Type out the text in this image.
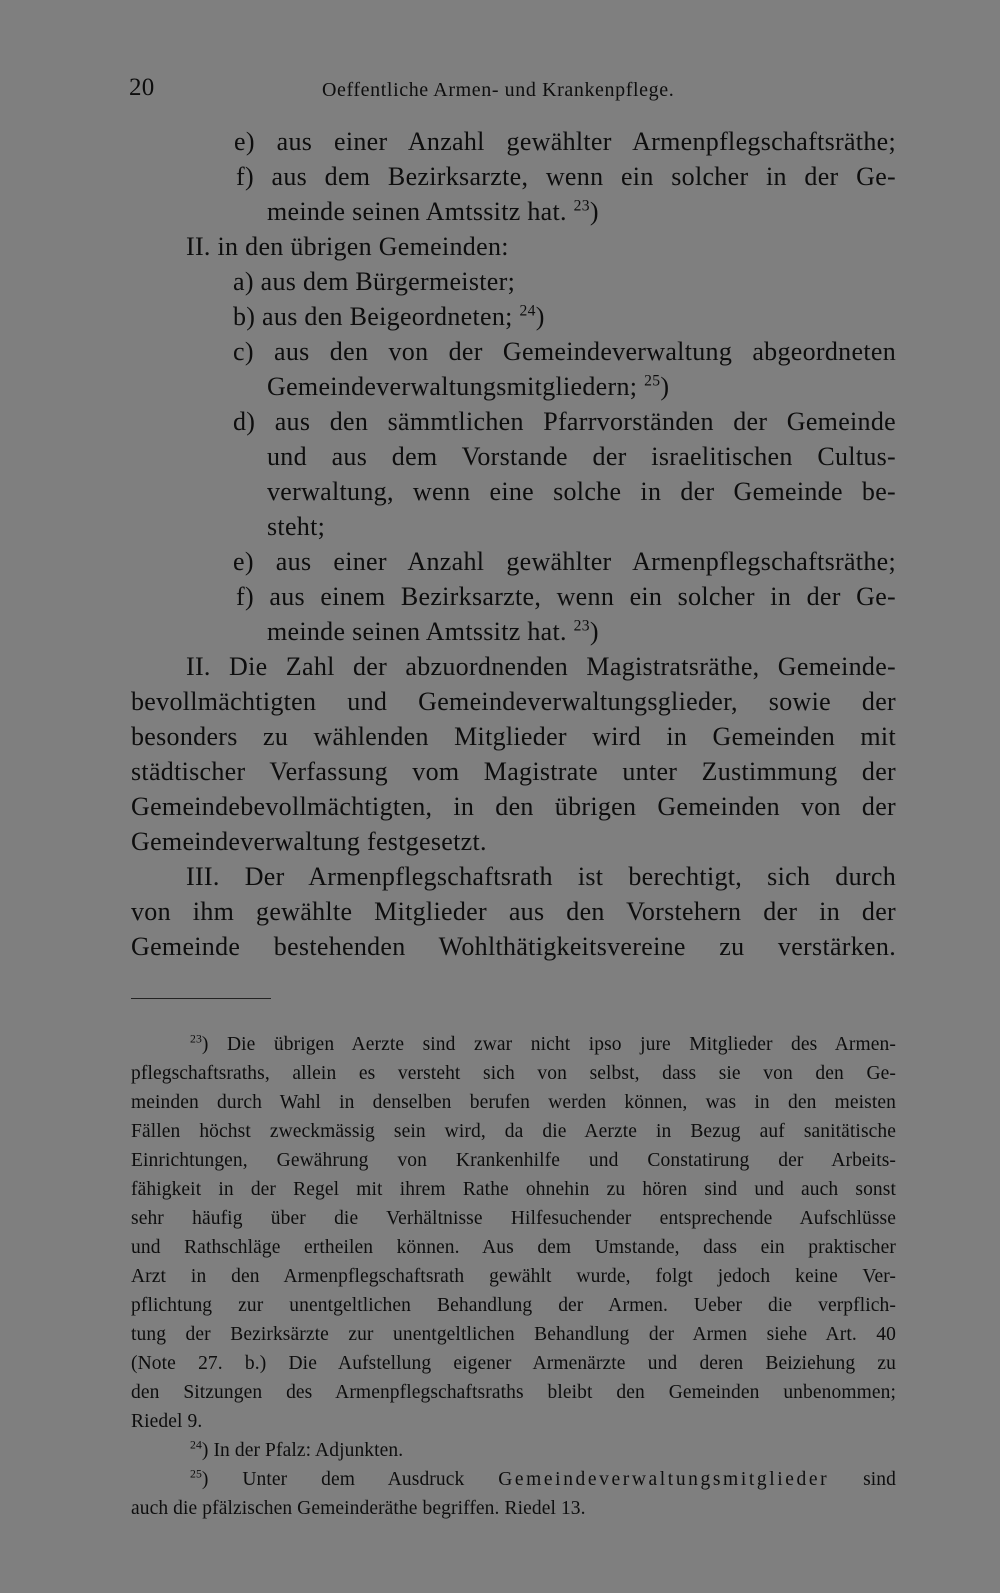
20	Oeffentliche Armen- und Krankenpflege.
e) aus einer Anzahl gewählter Armenpflegschaftsräthe;
f) aus dem Bezirksarzte, wenn ein solcher in der Ge-
meinde seinen Amtssitz hat. $^{23}$)
II. in den übrigen Gemeinden:
a) aus dem Bürgermeister;
b) aus den Beigeordneten; $^{24}$)
c) aus den von der Gemeindeverwaltung abgeordneten
Gemeindeverwaltungsmitgliedern; $^{25}$)
d) aus den sämmtlichen Pfarrvorständen der Gemeinde
und aus dem Vorstande der israelitischen Cultus-
verwaltung, wenn eine solche in der Gemeinde be-
steht;
e) aus einer Anzahl gewählter Armenpflegschaftsräthe;
f) aus einem Bezirksarzte, wenn ein solcher in der Ge-
meinde seinen Amtssitz hat. $^{23}$)
II. Die Zahl der abzuordnenden Magistratsräthe, Gemeinde-
bevollmächtigten und Gemeindeverwaltungsglieder, sowie der
besonders zu wählenden Mitglieder wird in Gemeinden mit
städtischer Verfassung vom Magistrate unter Zustimmung der
Gemeindebevollmächtigten, in den übrigen Gemeinden von der
Gemeindeverwaltung festgesetzt.
III. Der Armenpflegschaftsrath ist berechtigt, sich durch
von ihm gewählte Mitglieder aus den Vorstehern der in der
Gemeinde bestehenden Wohlthätigkeitsvereine zu verstärken.
$^{23}$) Die übrigen Aerzte sind zwar nicht ipso jure Mitglieder des Armen-
pflegschaftsraths, allein es versteht sich von selbst, dass sie von den Ge-
meinden durch Wahl in denselben berufen werden können, was in den meisten
Fällen höchst zweckmässig sein wird, da die Aerzte in Bezug auf sanitätische
Einrichtungen, Gewährung von Krankenhilfe und Constatirung der Arbeits-
fähigkeit in der Regel mit ihrem Rathe ohnehin zu hören sind und auch sonst
sehr häufig über die Verhältnisse Hilfesuchender entsprechende Aufschlüsse
und Rathschläge ertheilen können. Aus dem Umstande, dass ein praktischer
Arzt in den Armenpflegschaftsrath gewählt wurde, folgt jedoch keine Ver-
pflichtung zur unentgeltlichen Behandlung der Armen. Ueber die verpflich-
tung der Bezirksärzte zur unentgeltlichen Behandlung der Armen siehe Art. 40
(Note 27. b.) Die Aufstellung eigener Armenärzte und deren Beiziehung zu
den Sitzungen des Armenpflegschaftsraths bleibt den Gemeinden unbenommen;
Riedel 9.
$^{24}$) In der Pfalz: Adjunkten.
$^{25}$) Unter dem Ausdruck Gemeindeverwaltungsmitglieder sind
auch die pfälzischen Gemeinderäthe begriffen. Riedel 13.
